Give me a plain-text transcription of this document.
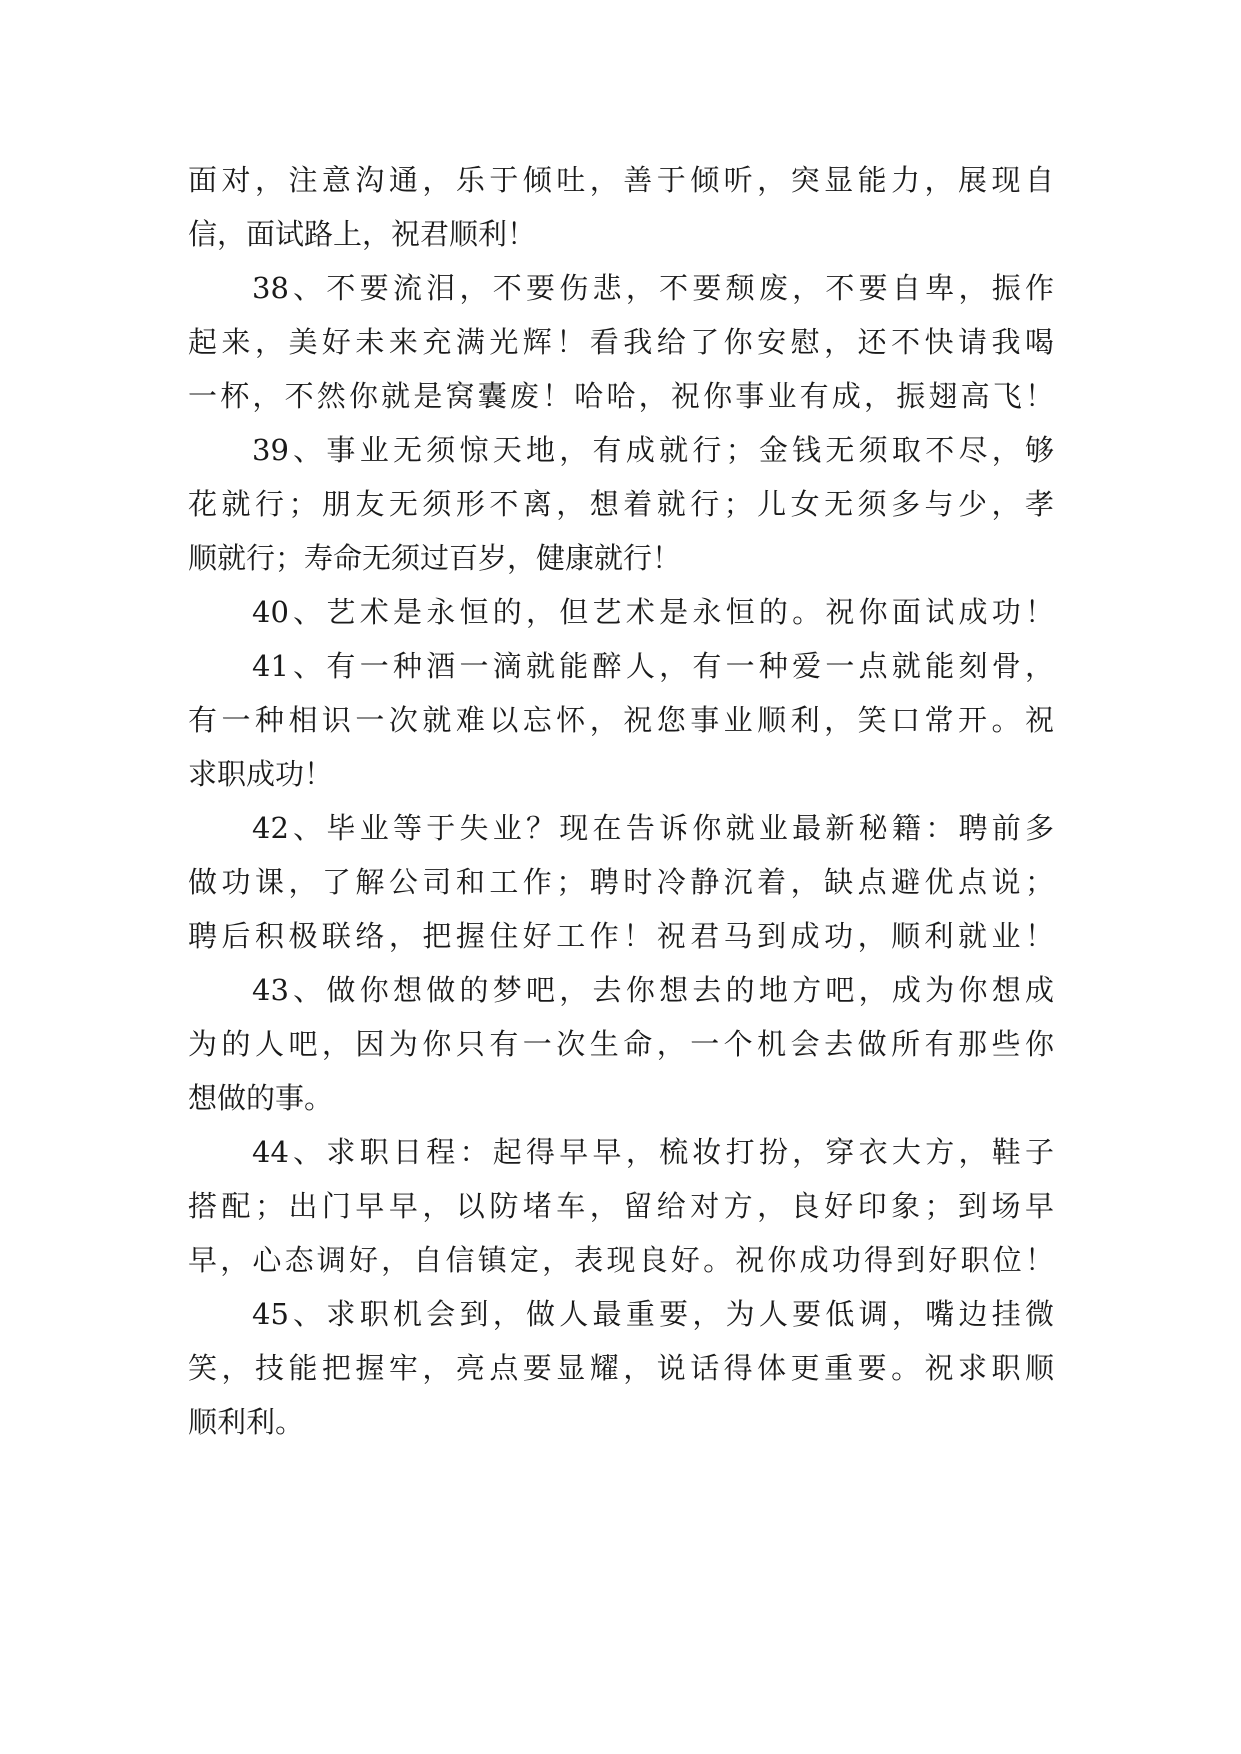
面对，注意沟通，乐于倾吐，善于倾听，突显能力，展现自
信，面试路上，祝君顺利！
38、不要流泪，不要伤悲，不要颓废，不要自卑，振作
起来，美好未来充满光辉！看我给了你安慰，还不快请我喝
一杯，不然你就是窝囊废！哈哈，祝你事业有成，振翅高飞！
39、事业无须惊天地，有成就行；金钱无须取不尽，够
花就行；朋友无须形不离，想着就行；儿女无须多与少，孝
顺就行；寿命无须过百岁，健康就行！
40、艺术是永恒的，但艺术是永恒的。祝你面试成功！
41、有一种酒一滴就能醉人，有一种爱一点就能刻骨，
有一种相识一次就难以忘怀，祝您事业顺利，笑口常开。祝
求职成功！
42、毕业等于失业？现在告诉你就业最新秘籍：聘前多
做功课，了解公司和工作；聘时冷静沉着，缺点避优点说；
聘后积极联络，把握住好工作！祝君马到成功，顺利就业！
43、做你想做的梦吧，去你想去的地方吧，成为你想成
为的人吧，因为你只有一次生命，一个机会去做所有那些你
想做的事。
44、求职日程：起得早早，梳妆打扮，穿衣大方，鞋子
搭配；出门早早，以防堵车，留给对方，良好印象；到场早
早，心态调好，自信镇定，表现良好。祝你成功得到好职位！
45、求职机会到，做人最重要，为人要低调，嘴边挂微
笑，技能把握牢，亮点要显耀，说话得体更重要。祝求职顺
顺利利。
